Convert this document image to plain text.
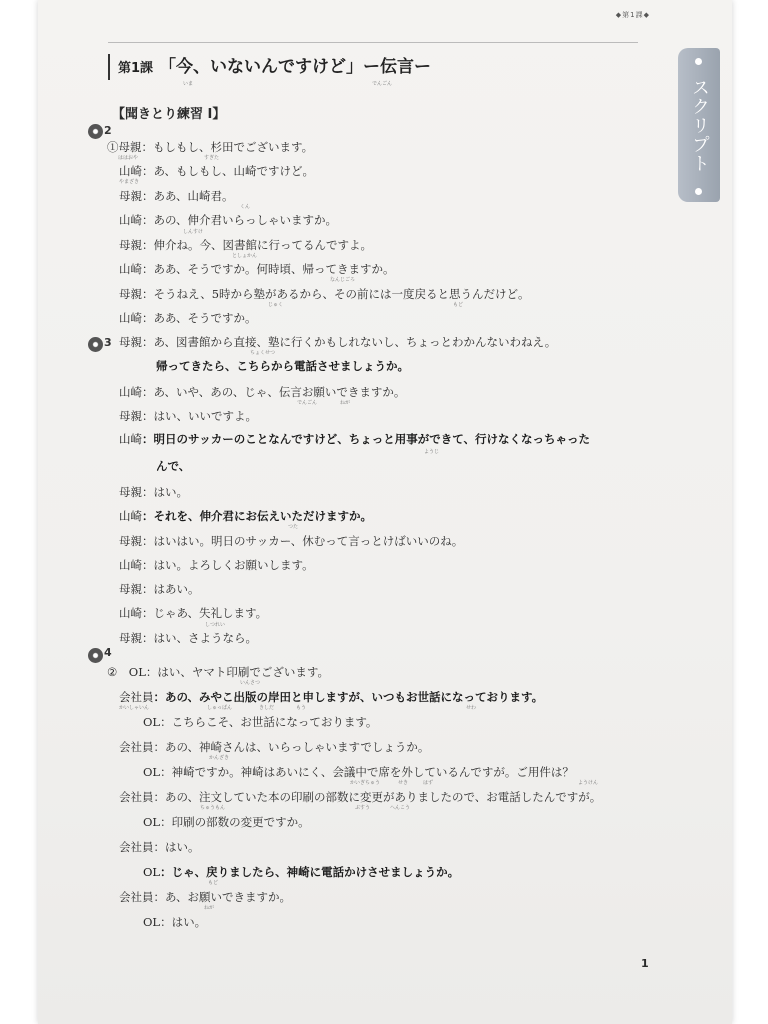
◆第1課◆
第1課 「今、いないんですけど」ー伝言ー
いま	でんごん	スクリプト
【聞きとり練習 Ⅰ】
2
3
4
①母親：もしもし、杉田でございます。
山崎：あ、もしもし、山崎ですけど。
母親：ああ、山崎君。
山崎：あの、伸介君いらっしゃいますか。
母親：伸介ね。今、図書館に行ってるんですよ。
山崎：ああ、そうですか。何時頃、帰ってきますか。
母親：そうねえ、5時から塾があるから、その前には一度戻ると思うんだけど。
山崎：ああ、そうですか。
母親：あ、図書館から直接、塾に行くかもしれないし、ちょっとわかんないわねえ。
帰ってきたら、こちらから電話させましょうか。
山崎：あ、いや、あの、じゃ、伝言お願いできますか。
母親：はい、いいですよ。
山崎：明日のサッカーのことなんですけど、ちょっと用事ができて、行けなくなっちゃった
んで、
母親：はい。
山崎：それを、伸介君にお伝えいただけますか。
母親：はいはい。明日のサッカー、休むって言っとけばいいのね。
山崎：はい。よろしくお願いします。
母親：はあい。
山崎：じゃあ、失礼します。
母親：はい、さようなら。
②　OL：はい、ヤマト印刷でございます。
会社員：あの、みやこ出版の岸田と申しますが、いつもお世話になっております。
OL：こちらこそ、お世話になっております。
会社員：あの、神崎さんは、いらっしゃいますでしょうか。
OL：神崎ですか。神崎はあいにく、会議中で席を外しているんですが。ご用件は？
会社員：あの、注文していた本の印刷の部数に変更がありましたので、お電話したんですが。
OL：印刷の部数の変更ですか。
会社員：はい。
OL：じゃ、戻りましたら、神崎に電話かけさせましょうか。
会社員：あ、お願いできますか。
OL：はい。
ははおや	すぎた
やまざき
くん
しんすけ
としょかん
なんじごろ
じゅく	もど
ちょくせつ
でんごん	ねが
ようじ
つた
しつれい
いんさつ
かいしゃいん	しゅっぱん	きしだ	もう	せわ
かんざき
かいぎちゅう	せき	はず	ようけん
ちゅうもん	ぶすう	へんこう
もど
ねが
1
